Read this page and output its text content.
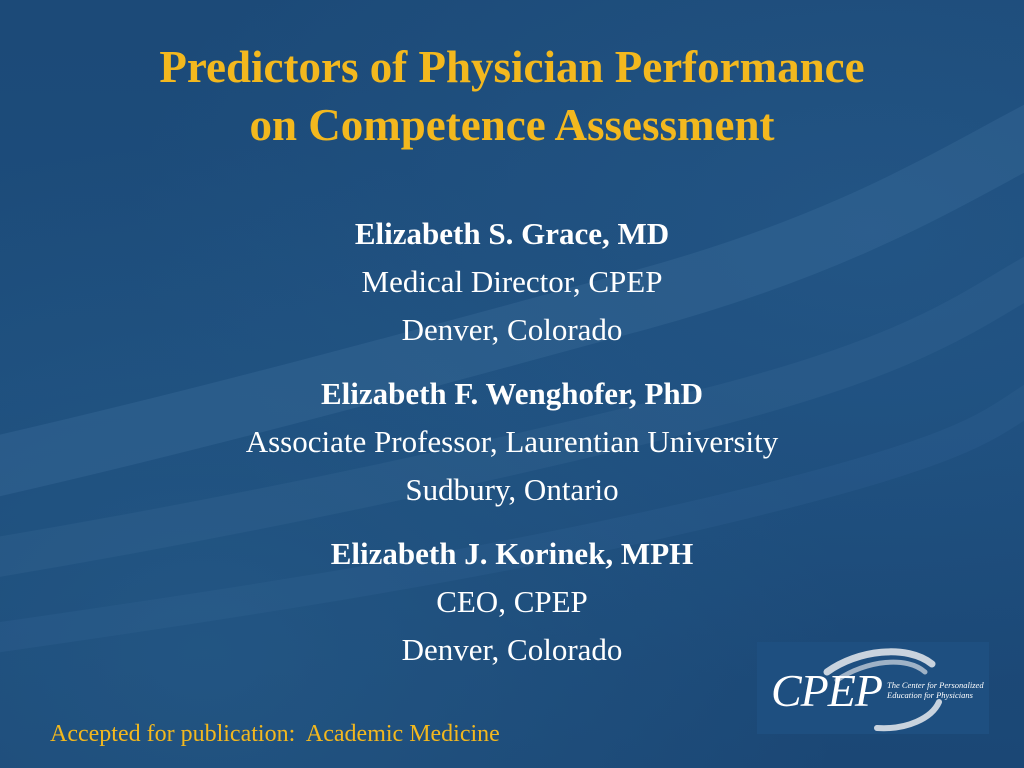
Predictors of Physician Performance
on Competence Assessment
Elizabeth S. Grace, MD
Medical Director, CPEP
Denver, Colorado
Elizabeth F. Wenghofer, PhD
Associate Professor, Laurentian University
Sudbury, Ontario
Elizabeth J. Korinek, MPH
CEO, CPEP
Denver, Colorado
Accepted for publication:  Academic Medicine
CPEP The Center for Personalized
Education for Physicians
